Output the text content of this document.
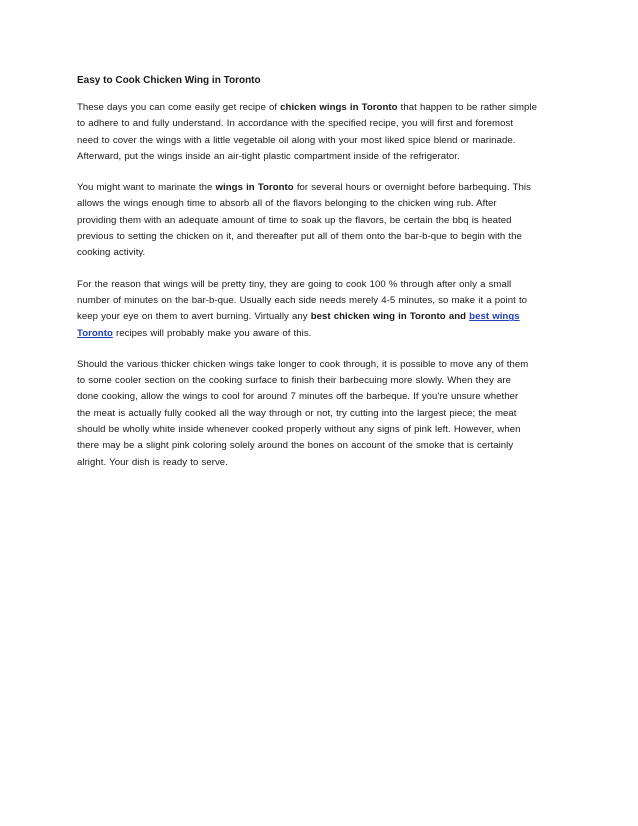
Easy to Cook Chicken Wing in Toronto

These days you can come easily get recipe of chicken wings in Toronto that happen to be rather simple
to adhere to and fully understand. In accordance with the specified recipe, you will first and foremost
need to cover the wings with a little vegetable oil along with your most liked spice blend or marinade.
Afterward, put the wings inside an air-tight plastic compartment inside of the refrigerator.

You might want to marinate the wings in Toronto for several hours or overnight before barbequing. This
allows the wings enough time to absorb all of the flavors belonging to the chicken wing rub. After
providing them with an adequate amount of time to soak up the flavors, be certain the bbq is heated
previous to setting the chicken on it, and thereafter put all of them onto the bar-b-que to begin with the
cooking activity.

For the reason that wings will be pretty tiny, they are going to cook 100 % through after only a small
number of minutes on the bar-b-que. Usually each side needs merely 4-5 minutes, so make it a point to
keep your eye on them to avert burning. Virtually any best chicken wing in Toronto and best wings
Toronto recipes will probably make you aware of this.

Should the various thicker chicken wings take longer to cook through, it is possible to move any of them
to some cooler section on the cooking surface to finish their barbecuing more slowly. When they are
done cooking, allow the wings to cool for around 7 minutes off the barbeque. If you're unsure whether
the meat is actually fully cooked all the way through or not, try cutting into the largest piece; the meat
should be wholly white inside whenever cooked properly without any signs of pink left. However, when
there may be a slight pink coloring solely around the bones on account of the smoke that is certainly
alright. Your dish is ready to serve.
